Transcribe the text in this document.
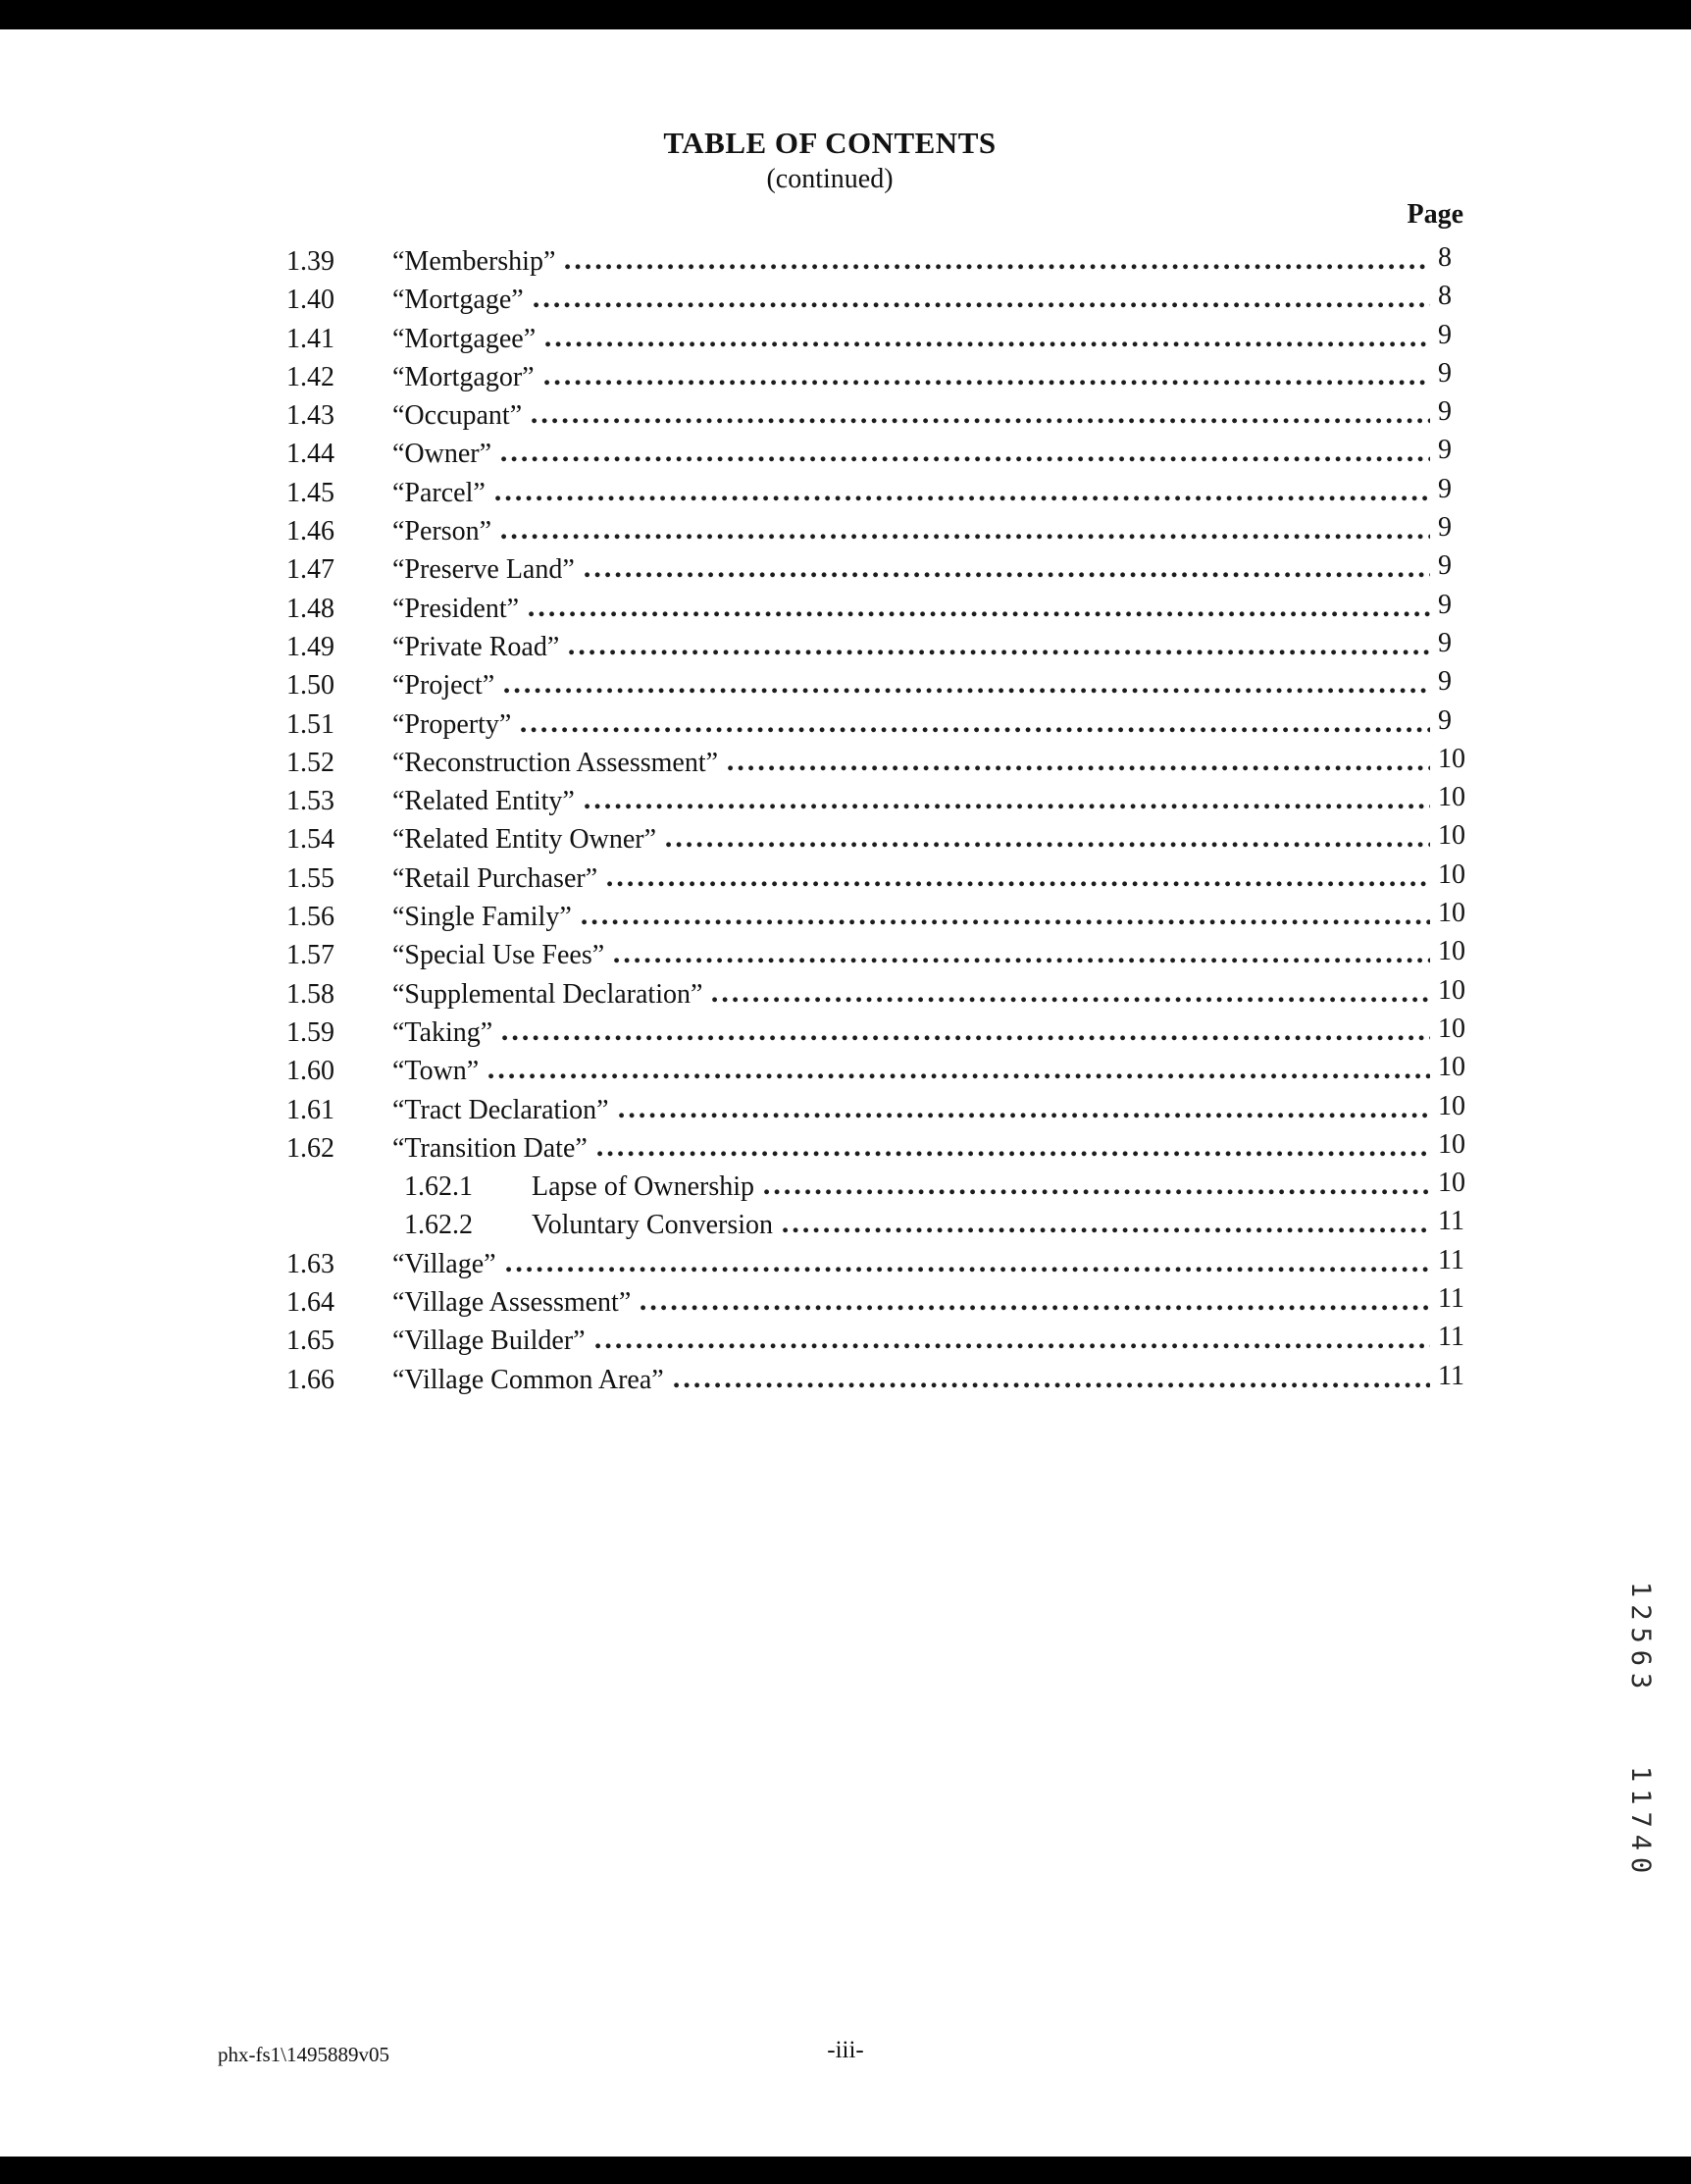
TABLE OF CONTENTS
(continued)
Page
1.39	“Membership”	8
1.40	“Mortgage”	8
1.41	“Mortgagee”	9
1.42	“Mortgagor”	9
1.43	“Occupant”	9
1.44	“Owner”	9
1.45	“Parcel”	9
1.46	“Person”	9
1.47	“Preserve Land”	9
1.48	“President”	9
1.49	“Private Road”	9
1.50	“Project”	9
1.51	“Property”	9
1.52	“Reconstruction Assessment”	10
1.53	“Related Entity”	10
1.54	“Related Entity Owner”	10
1.55	“Retail Purchaser”	10
1.56	“Single Family”	10
1.57	“Special Use Fees”	10
1.58	“Supplemental Declaration”	10
1.59	“Taking”	10
1.60	“Town”	10
1.61	“Tract Declaration”	10
1.62	“Transition Date”	10
1.62.1	Lapse of Ownership	10
1.62.2	Voluntary Conversion	11
1.63	“Village”	11
1.64	“Village Assessment”	11
1.65	“Village Builder”	11
1.66	“Village Common Area”	11
12563 11740
phx-fs1\1495889v05	-iii-
